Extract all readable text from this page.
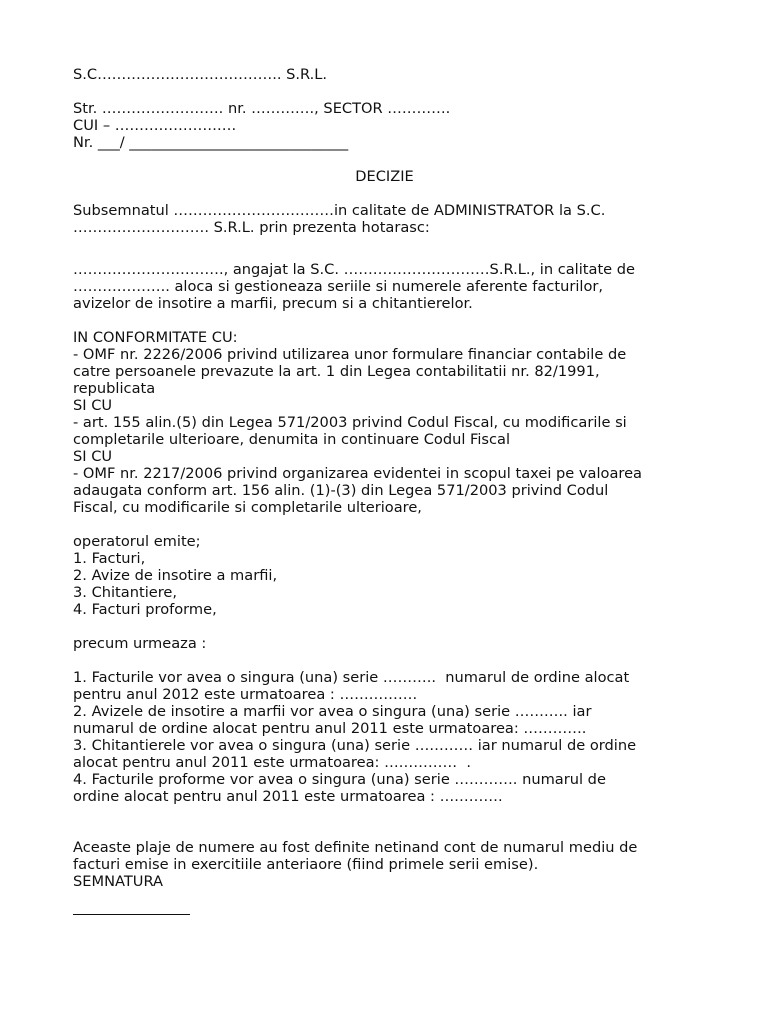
S.C……………………………….. S.R.L.
Str. ……………………. nr. …………., SECTOR ………….
CUI – …………………….
Nr. ___/ ______________________________
DECIZIE
Subsemnatul ……………………………in calitate de ADMINISTRATOR la S.C.
………………………. S.R.L. prin prezenta hotarasc:
…………………………., angajat la S.C. …………………………S.R.L., in calitate de
……………….. aloca si gestioneaza seriile si numerele aferente facturilor,
avizelor de insotire a marfii, precum si a chitantierelor.
IN CONFORMITATE CU:
- OMF nr. 2226/2006 privind utilizarea unor formulare financiar contabile de
catre persoanele prevazute la art. 1 din Legea contabilitatii nr. 82/1991,
republicata
SI CU
- art. 155 alin.(5) din Legea 571/2003 privind Codul Fiscal, cu modificarile si
completarile ulterioare, denumita in continuare Codul Fiscal
SI CU
- OMF nr. 2217/2006 privind organizarea evidentei in scopul taxei pe valoarea
adaugata conform art. 156 alin. (1)-(3) din Legea 571/2003 privind Codul
Fiscal, cu modificarile si completarile ulterioare,
operatorul emite;
1. Facturi,
2. Avize de insotire a marfii,
3. Chitantiere,
4. Facturi proforme,
precum urmeaza :
1. Facturile vor avea o singura (una) serie ………..  numarul de ordine alocat
pentru anul 2012 este urmatoarea : …………….
2. Avizele de insotire a marfii vor avea o singura (una) serie ……….. iar
numarul de ordine alocat pentru anul 2011 este urmatoarea: ………….
3. Chitantierele vor avea o singura (una) serie ………… iar numarul de ordine
alocat pentru anul 2011 este urmatoarea: ……………  .
4. Facturile proforme vor avea o singura (una) serie …………. numarul de
ordine alocat pentru anul 2011 este urmatoarea : ………….
Aceaste plaje de numere au fost definite netinand cont de numarul mediu de
facturi emise in exercitiile anteriaore (fiind primele serii emise).
SEMNATURA
